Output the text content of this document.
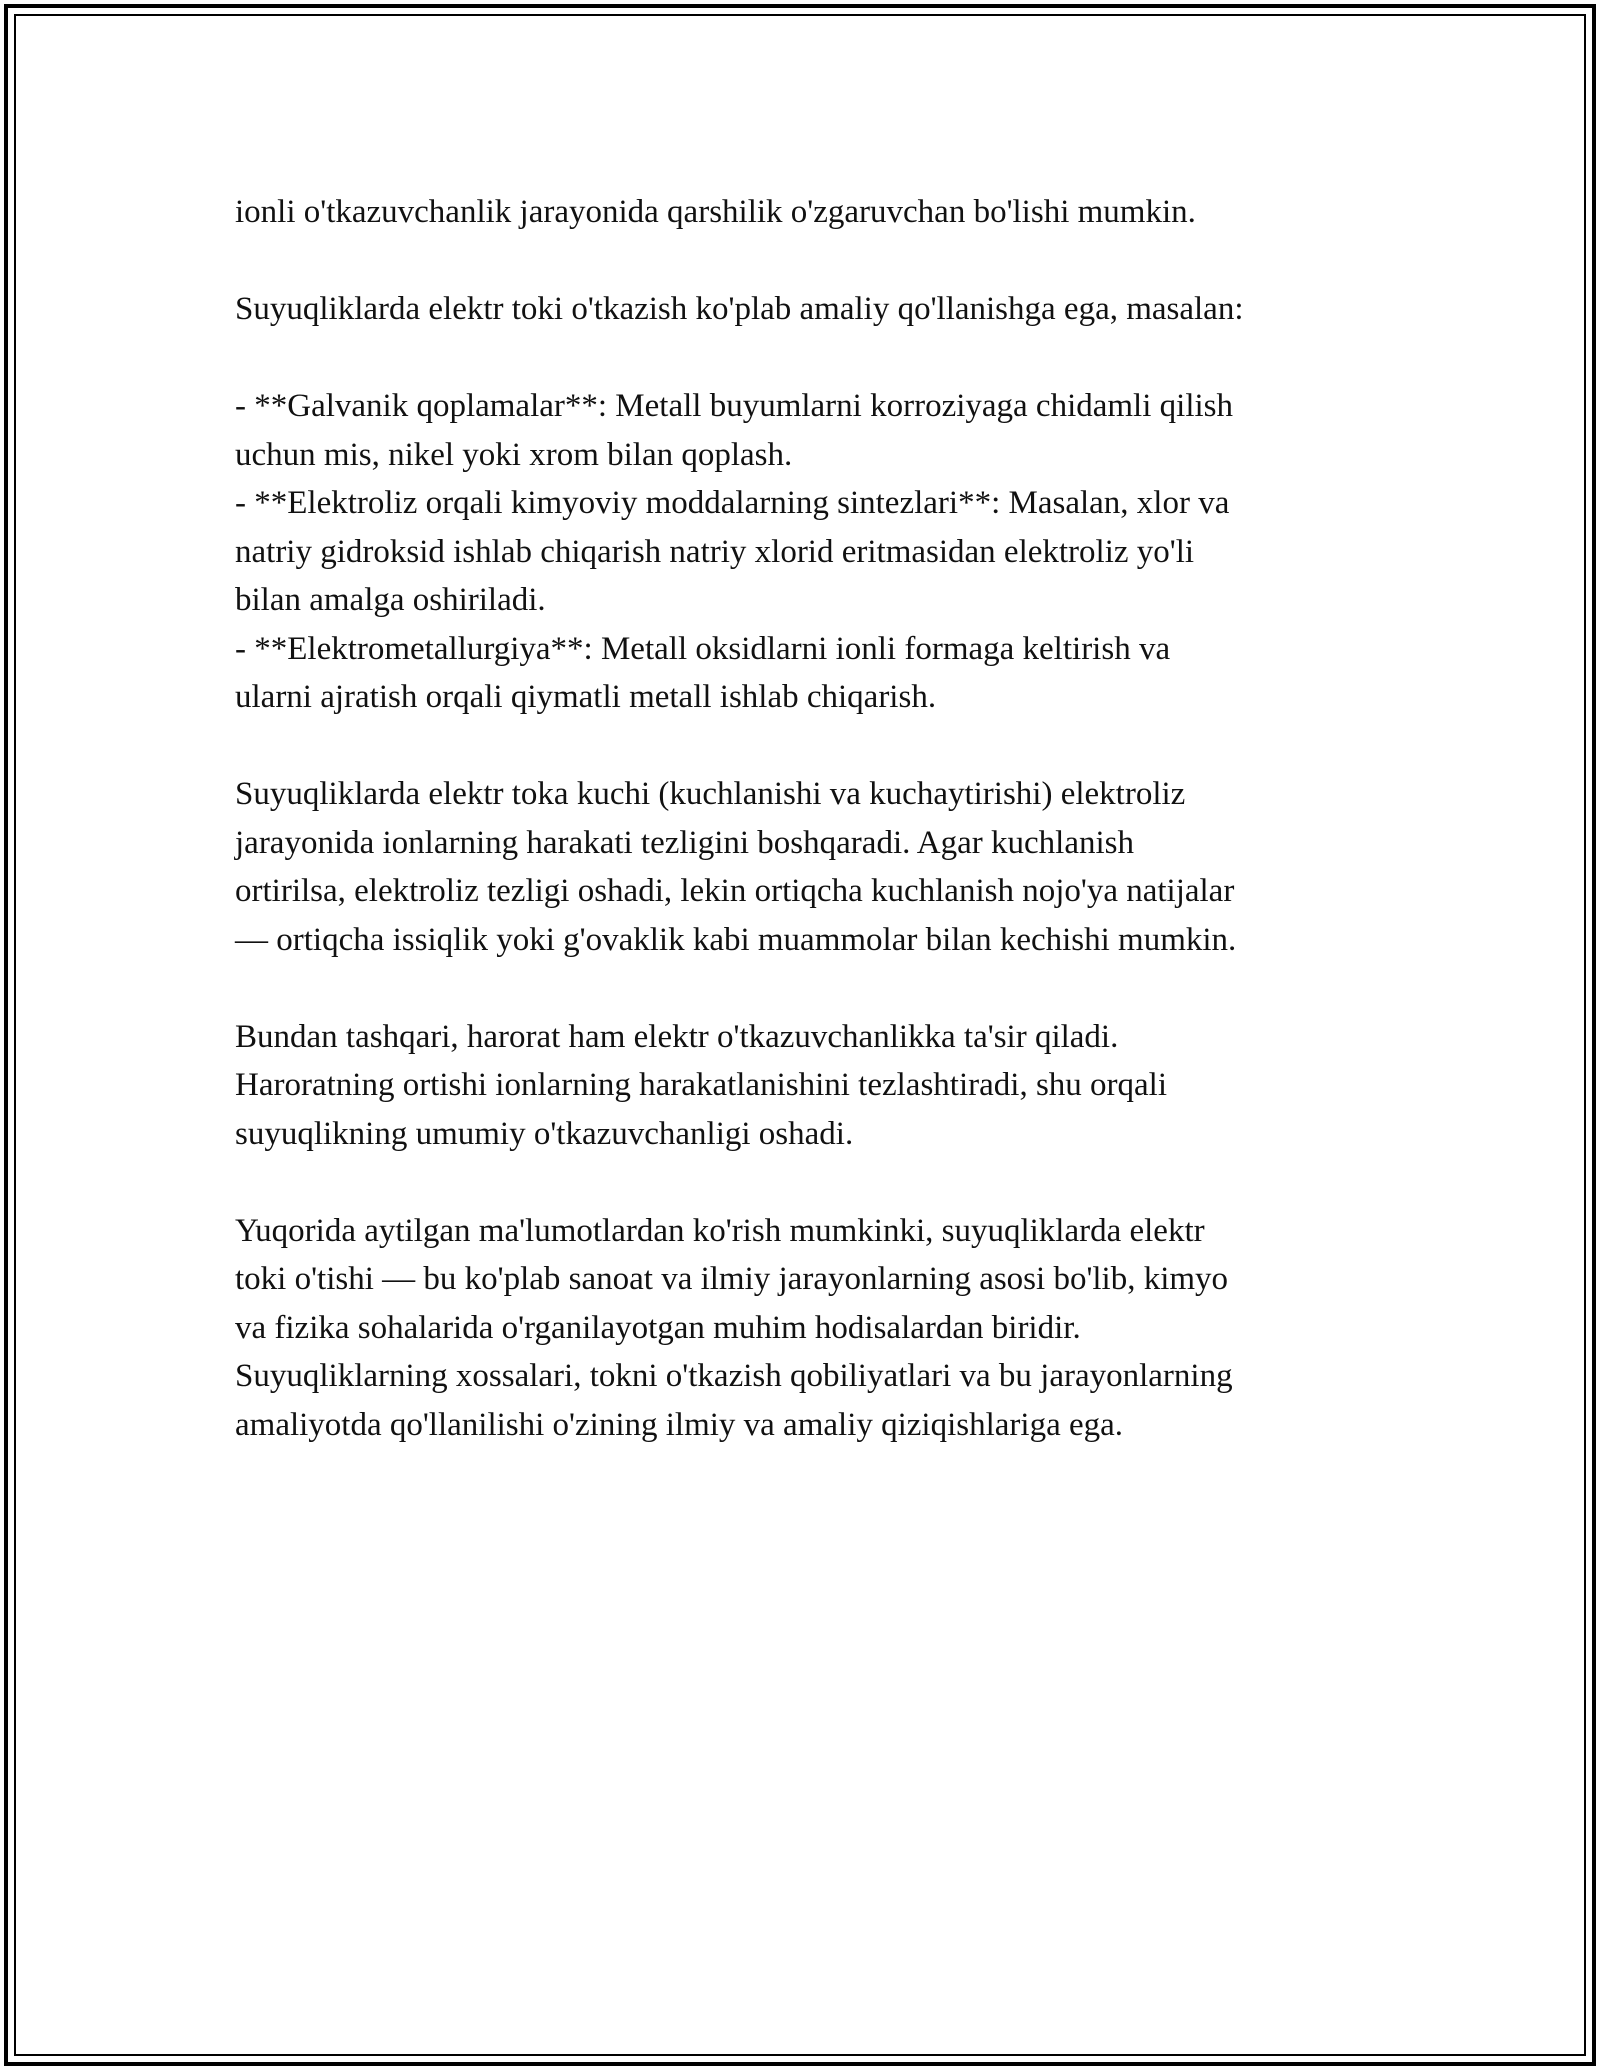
ionli o'tkazuvchanlik jarayonida qarshilik o'zgaruvchan bo'lishi mumkin.

Suyuqliklarda elektr toki o'tkazish ko'plab amaliy qo'llanishga ega, masalan:

- **Galvanik qoplamalar**: Metall buyumlarni korroziyaga chidamli qilish
uchun mis, nikel yoki xrom bilan qoplash.
- **Elektroliz orqali kimyoviy moddalarning sintezlari**: Masalan, xlor va
natriy gidroksid ishlab chiqarish natriy xlorid eritmasidan elektroliz yo'li
bilan amalga oshiriladi.
- **Elektrometallurgiya**: Metall oksidlarni ionli formaga keltirish va
ularni ajratish orqali qiymatli metall ishlab chiqarish.

Suyuqliklarda elektr toka kuchi (kuchlanishi va kuchaytirishi) elektroliz
jarayonida ionlarning harakati tezligini boshqaradi. Agar kuchlanish
ortirilsa, elektroliz tezligi oshadi, lekin ortiqcha kuchlanish nojo'ya natijalar
— ortiqcha issiqlik yoki g'ovaklik kabi muammolar bilan kechishi mumkin.

Bundan tashqari, harorat ham elektr o'tkazuvchanlikka ta'sir qiladi.
Haroratning ortishi ionlarning harakatlanishini tezlashtiradi, shu orqali
suyuqlikning umumiy o'tkazuvchanligi oshadi.

Yuqorida aytilgan ma'lumotlardan ko'rish mumkinki, suyuqliklarda elektr
toki o'tishi — bu ko'plab sanoat va ilmiy jarayonlarning asosi bo'lib, kimyo
va fizika sohalarida o'rganilayotgan muhim hodisalardan biridir.
Suyuqliklarning xossalari, tokni o'tkazish qobiliyatlari va bu jarayonlarning
amaliyotda qo'llanilishi o'zining ilmiy va amaliy qiziqishlariga ega.
